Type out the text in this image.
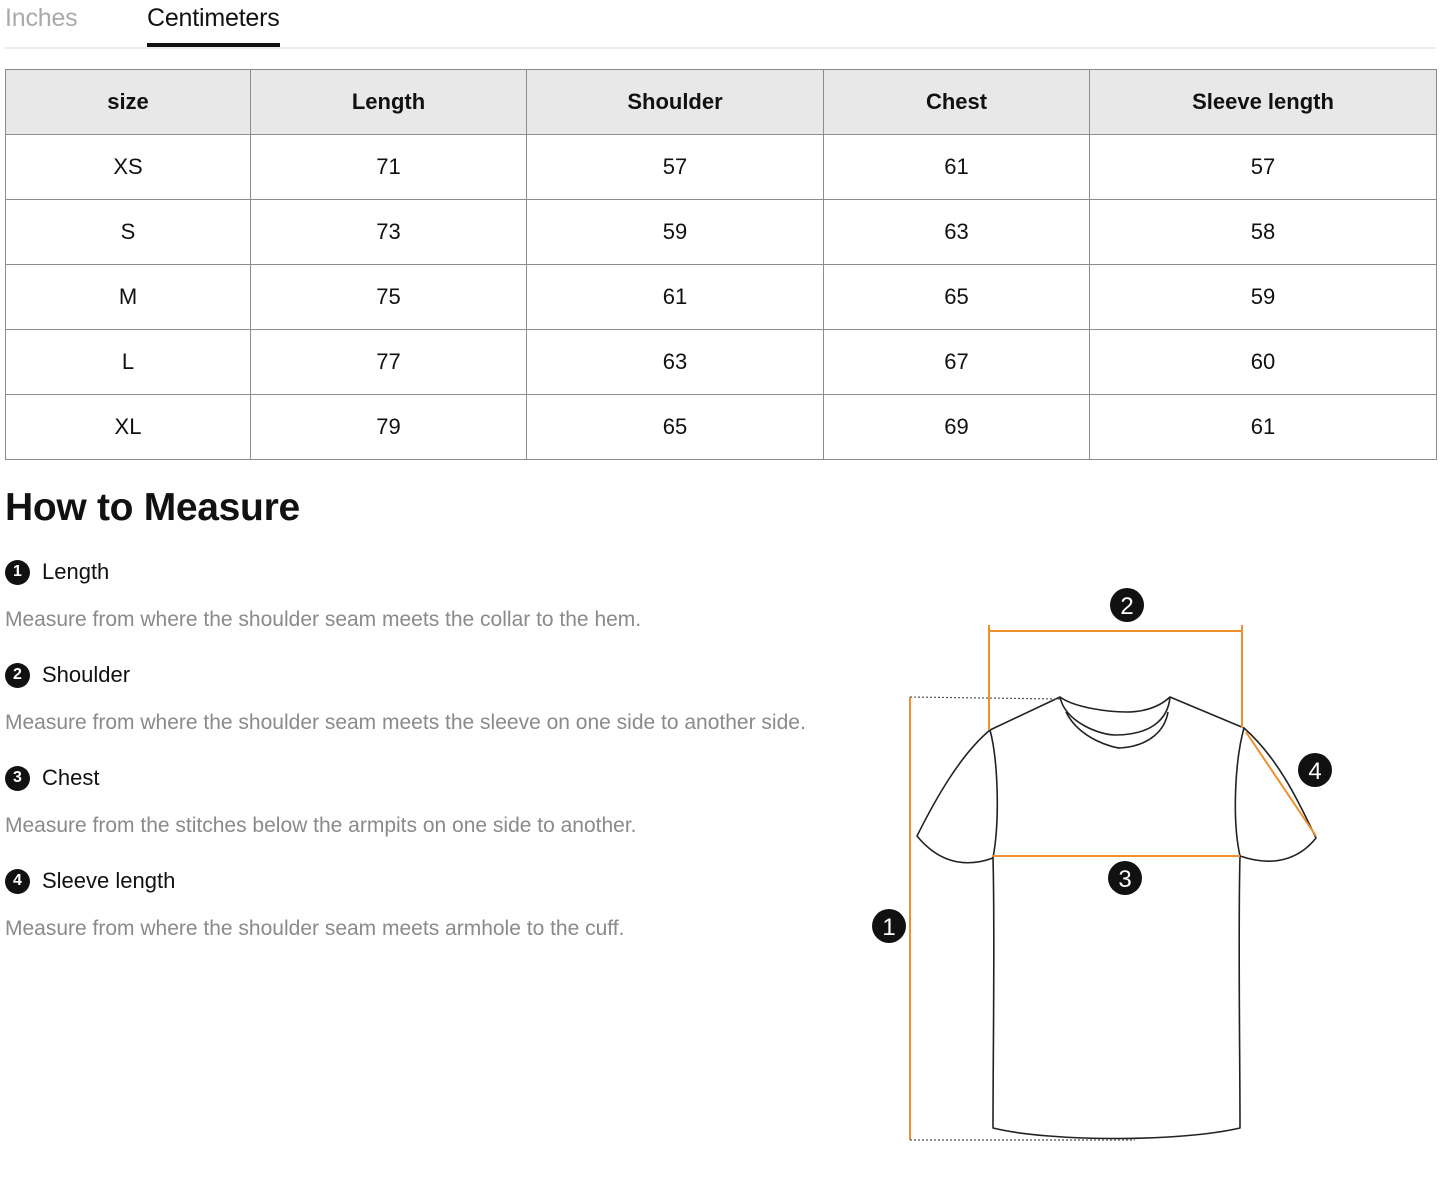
Inches	Centimeters
size	Length	Shoulder	Chest	Sleeve length
XS	71	57	61	57
S	73	59	63	58
M	75	61	65	59
L	77	63	67	60
XL	79	65	69	61
How to Measure
1 Length
Measure from where the shoulder seam meets the collar to the hem.
2 Shoulder
Measure from where the shoulder seam meets the sleeve on one side to another side.
3 Chest
Measure from the stitches below the armpits on one side to another.
4 Sleeve length
Measure from where the shoulder seam meets armhole to the cuff.	1
2
3
4
